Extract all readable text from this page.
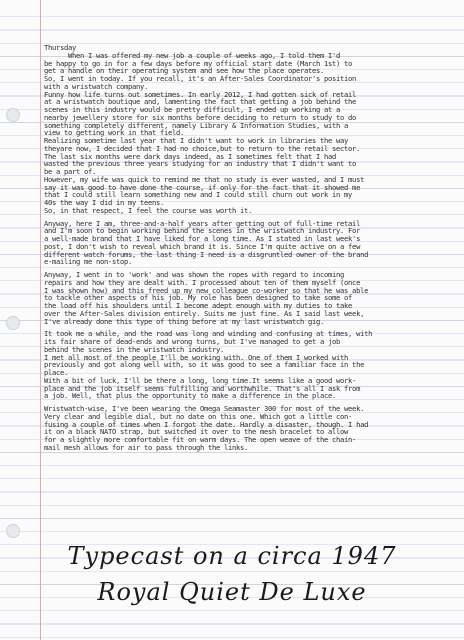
Thursday
When I was offered my new job a couple of weeks ago, I told them I'd
be happy to go in for a few days before my official start date (March 1st) to
get a handle on their operating system and see how the place operates.
So, I went in today. If you recall, it's an After-Sales Coordinator's position
with a wristwatch company.
Funny how life turns out sometimes. In early 2012, I had gotten sick of retail
at a wristwatch boutique and, lamenting the fact that getting a job behind the
scenes in this industry would be pretty difficult, I ended up working at a
nearby jewellery store for six months before deciding to return to study to do
something completely different, namely Library & Information Studies, with a
view to getting work in that field.
Realizing sometime last year that I didn't want to work in libraries the way
theyare now, I decided that I had no choice,but to return to the retail sector.
The last six months were dark days indeed, as I sometimes felt that I had
wasted the previous three years studying for an industry that I didn't want to
be a part of.
However, my wife was quick to remind me that no study is ever wasted, and I must
say it was good to have done the course, if only for the fact that it showed me
that I could still learn something new and I could still churn out work in my
40s the way I did in my teens.
So, in that respect, I feel the course was worth it.
Anyway, here I am, three-and-a-half years after getting out of full-time retail
and I'm soon to begin working behind the scenes in the wristwatch industry. For
a well-made brand that I have liked for a long time. As I stated in last week's
post, I don't wish to reveal which brand it is. Since I'm quite active on a few
different watch forums, the last thing I need is a disgruntled owner of the brand
e-mailing me non-stop.
Anyway, I went in to 'work' and was shown the ropes with regard to incoming
repairs and how they are dealt with. I processed about ten of them myself (once
I was shown how) and this freed up my new colleague co-worker so that he was able
to tackle other aspects of his job. My role has been designed to take some of
the load off his shoulders until I become adept enough with my duties to take
over the After-Sales division entirely. Suits me just fine. As I said last week,
I've already done this type of thing before at my last wristwatch gig.
It took me a while, and the road was long and winding and confusing at times, with
its fair share of dead-ends and wrong turns, but I've managed to get a job
behind the scenes in the wristwatch industry.
I met all most of the people I'll be working with. One of them I worked with
previously and got along well with, so it was good to see a familiar face in the
place.
With a bit of luck, I'll be there a long, long time.It seems like a good work-
place and the job itself seems fulfilling and worthwhile. That's all I ask from
a job. Well, that plus the opportunity to make a difference in the place.
Wristwatch-wise, I've been wearing the Omega Seamaster 300 for most of the week.
Very clear and legible dial, but no date on this one. Which got a little con-
fusing a couple of times when I forgot the date. Hardly a disaster, though. I had
it on a black NATO strap, but switched it over to the mesh bracelet to allow
for a slightly more comfortable fit on warm days. The open weave of the chain-
mail mesh allows for air to pass through the links.
Typecast on a circa 1947
Royal Quiet De Luxe
